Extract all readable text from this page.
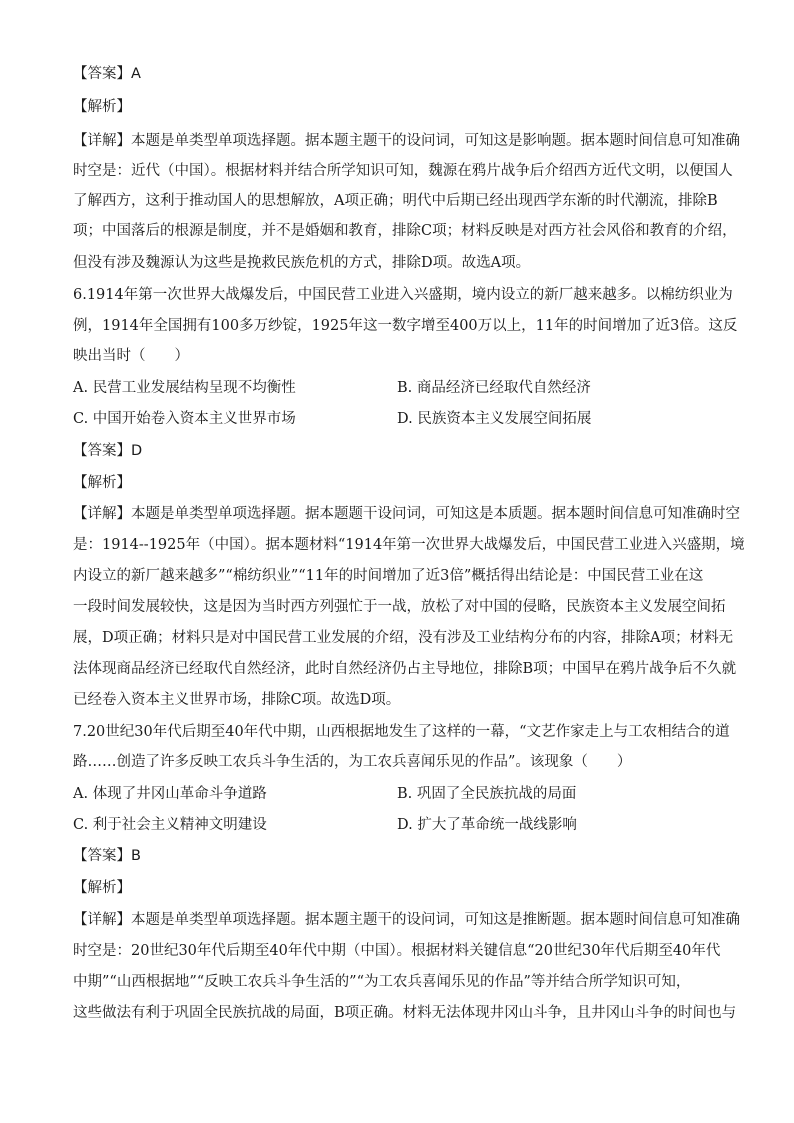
【答案】A
【解析】
【详解】本题是单类型单项选择题。据本题主题干的设问词，可知这是影响题。据本题时间信息可知准确
时空是：近代（中国）。根据材料并结合所学知识可知，魏源在鸦片战争后介绍西方近代文明，以便国人
了解西方，这利于推动国人的思想解放，A项正确；明代中后期已经出现西学东渐的时代潮流，排除B
项；中国落后的根源是制度，并不是婚姻和教育，排除C项；材料反映是对西方社会风俗和教育的介绍，
但没有涉及魏源认为这些是挽救民族危机的方式，排除D项。故选A项。
6.1914年第一次世界大战爆发后，中国民营工业进入兴盛期，境内设立的新厂越来越多。以棉纺织业为
例，1914年全国拥有100多万纱锭，1925年这一数字增至400万以上，11年的时间增加了近3倍。这反
映出当时（　　）
A. 民营工业发展结构呈现不均衡性	B. 商品经济已经取代自然经济
C. 中国开始卷入资本主义世界市场	D. 民族资本主义发展空间拓展
【答案】D
【解析】
【详解】本题是单类型单项选择题。据本题题干设问词，可知这是本质题。据本题时间信息可知准确时空
是：1914--1925年（中国）。据本题材料“1914年第一次世界大战爆发后，中国民营工业进入兴盛期，境
内设立的新厂越来越多”“棉纺织业”“11年的时间增加了近3倍”概括得出结论是：中国民营工业在这
一段时间发展较快，这是因为当时西方列强忙于一战，放松了对中国的侵略，民族资本主义发展空间拓
展，D项正确；材料只是对中国民营工业发展的介绍，没有涉及工业结构分布的内容，排除A项；材料无
法体现商品经济已经取代自然经济，此时自然经济仍占主导地位，排除B项；中国早在鸦片战争后不久就
已经卷入资本主义世界市场，排除C项。故选D项。
7.20世纪30年代后期至40年代中期，山西根据地发生了这样的一幕，“文艺作家走上与工农相结合的道
路……创造了许多反映工农兵斗争生活的，为工农兵喜闻乐见的作品”。该现象（　　）
A. 体现了井冈山革命斗争道路	B. 巩固了全民族抗战的局面
C. 利于社会主义精神文明建设	D. 扩大了革命统一战线影响
【答案】B
【解析】
【详解】本题是单类型单项选择题。据本题主题干的设问词，可知这是推断题。据本题时间信息可知准确
时空是：20世纪30年代后期至40年代中期（中国）。根据材料关键信息“20世纪30年代后期至40年代
中期”“山西根据地”“反映工农兵斗争生活的”“为工农兵喜闻乐见的作品”等并结合所学知识可知，
这些做法有利于巩固全民族抗战的局面，B项正确。材料无法体现井冈山斗争，且井冈山斗争的时间也与
